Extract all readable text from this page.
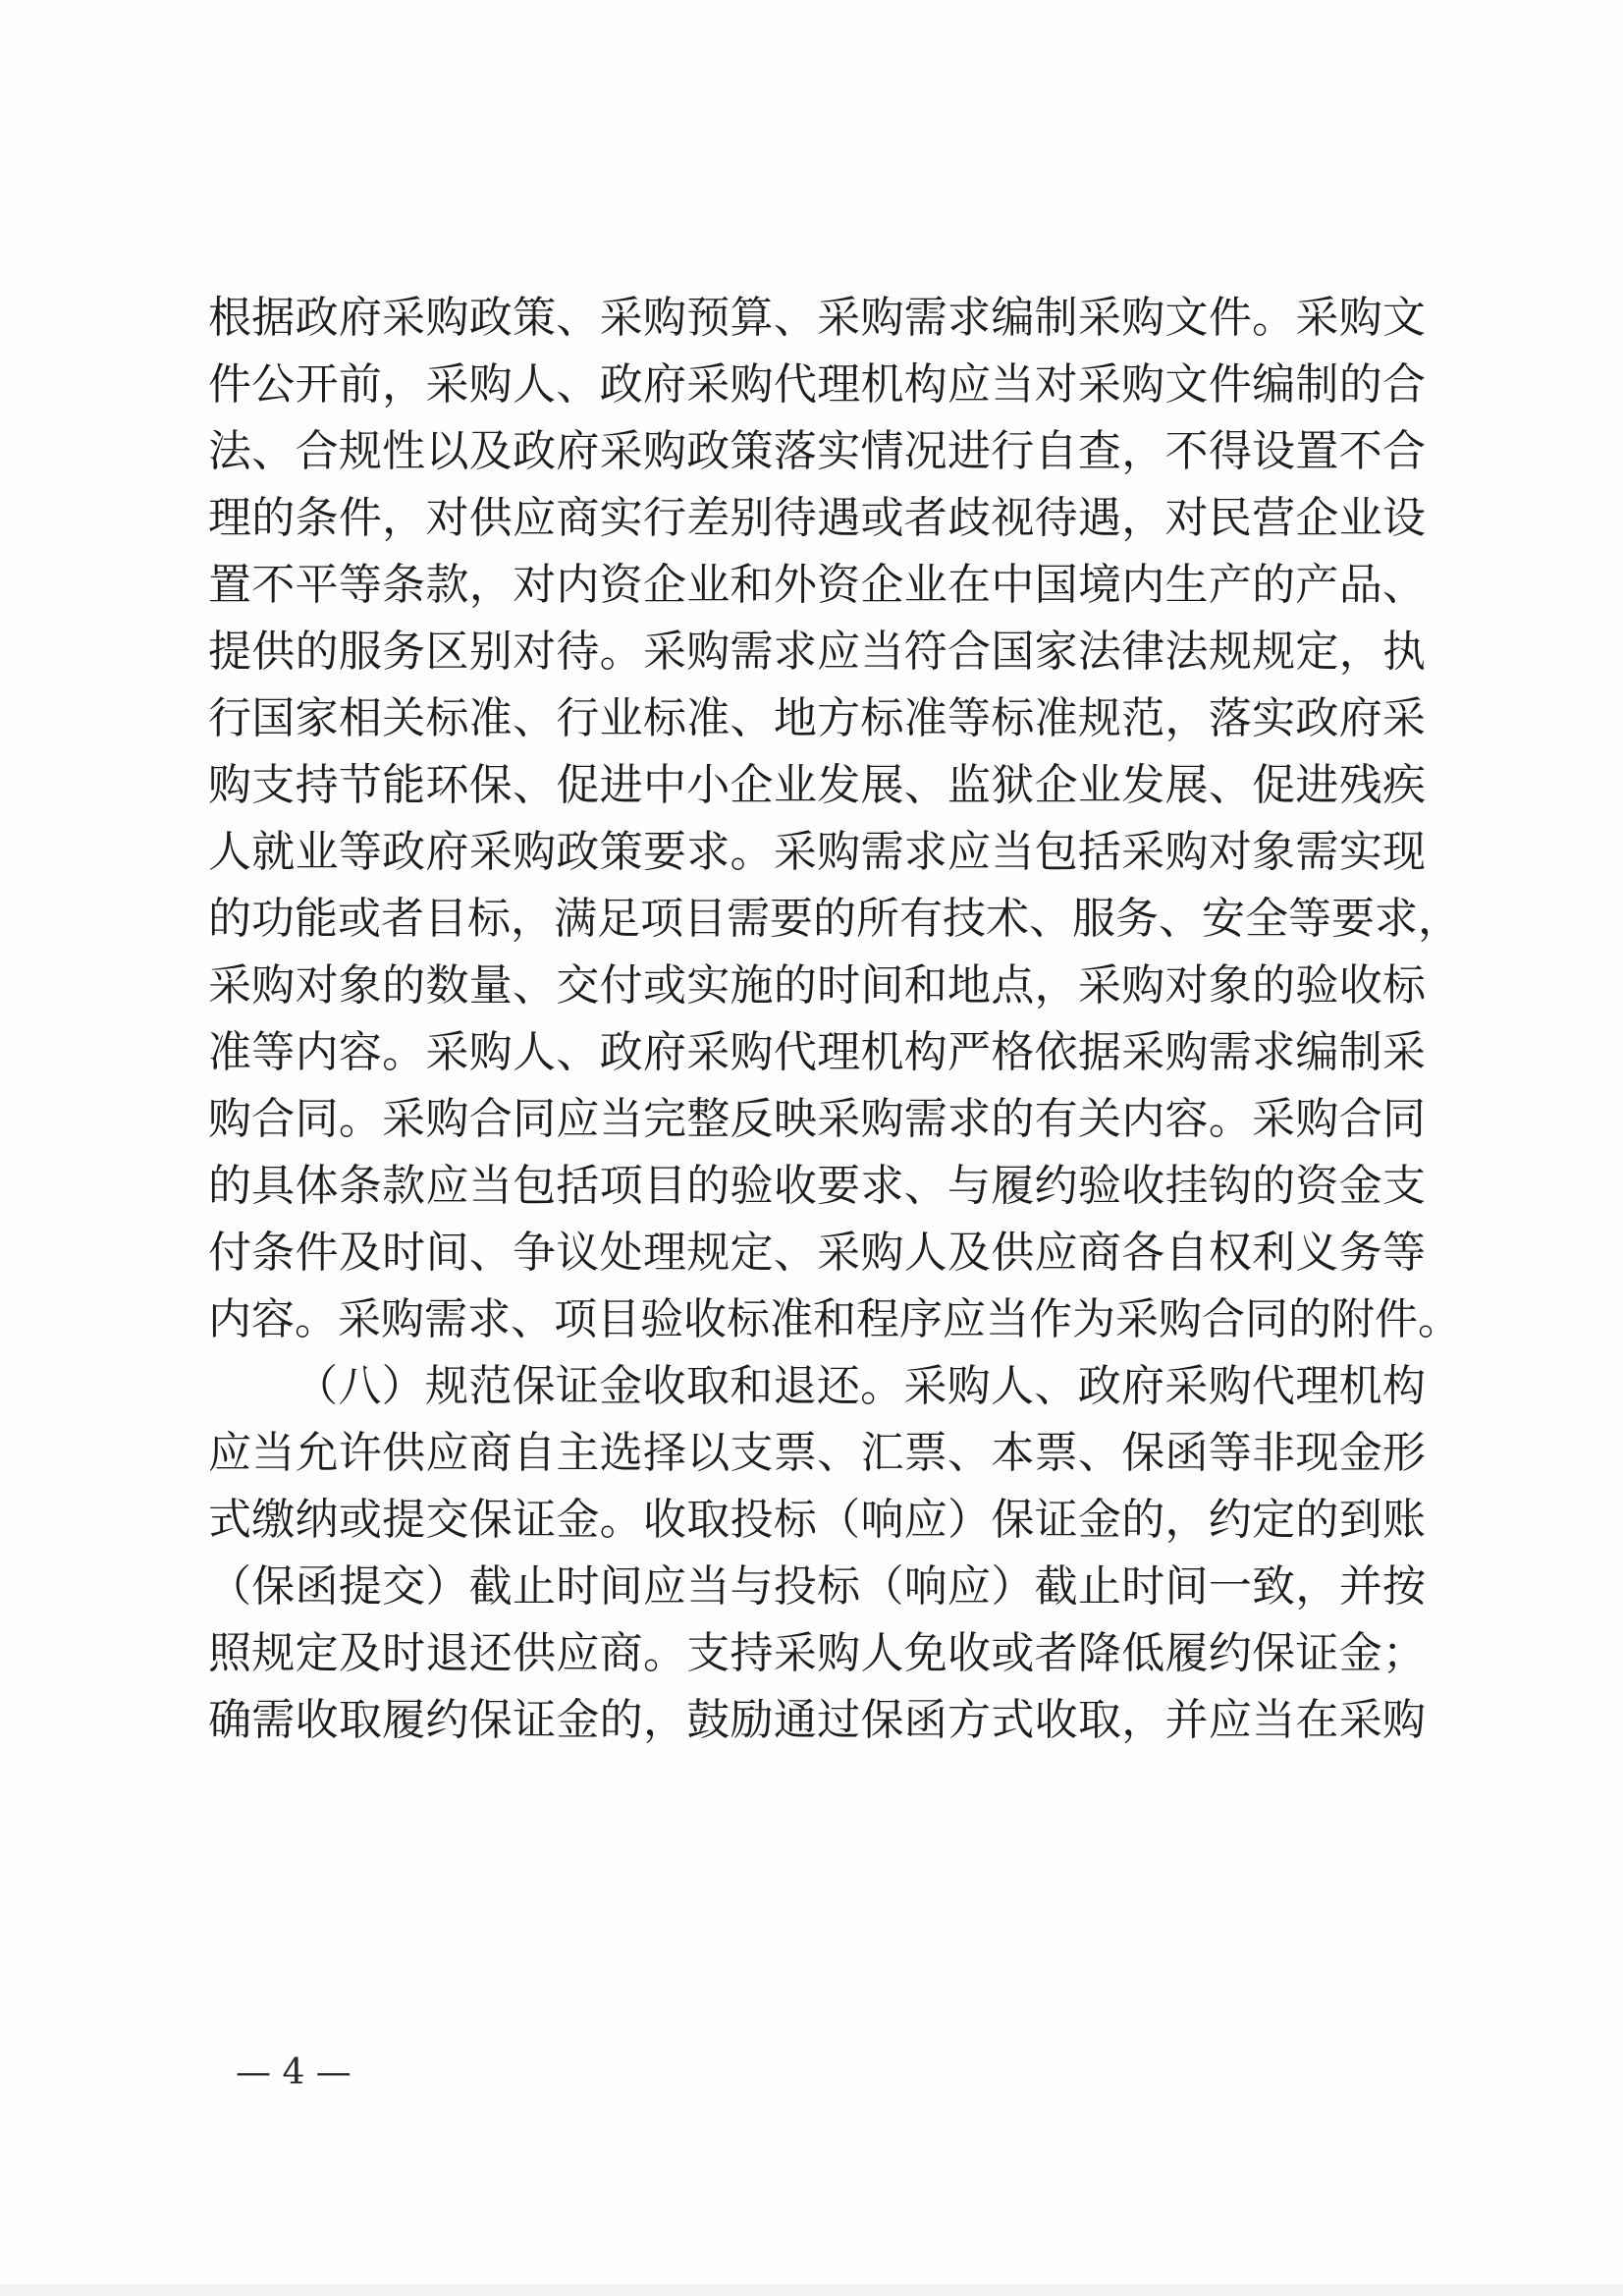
根据政府采购政策、采购预算、采购需求编制采购文件。采购文
件公开前，采购人、政府采购代理机构应当对采购文件编制的合
法、合规性以及政府采购政策落实情况进行自查，不得设置不合
理的条件，对供应商实行差别待遇或者歧视待遇，对民营企业设
置不平等条款，对内资企业和外资企业在中国境内生产的产品、
提供的服务区别对待。采购需求应当符合国家法律法规规定，执
行国家相关标准、行业标准、地方标准等标准规范，落实政府采
购支持节能环保、促进中小企业发展、监狱企业发展、促进残疾
人就业等政府采购政策要求。采购需求应当包括采购对象需实现
的功能或者目标，满足项目需要的所有技术、服务、安全等要求，
采购对象的数量、交付或实施的时间和地点，采购对象的验收标
准等内容。采购人、政府采购代理机构严格依据采购需求编制采
购合同。采购合同应当完整反映采购需求的有关内容。采购合同
的具体条款应当包括项目的验收要求、与履约验收挂钩的资金支
付条件及时间、争议处理规定、采购人及供应商各自权利义务等
内容。采购需求、项目验收标准和程序应当作为采购合同的附件。
（八）规范保证金收取和退还。采购人、政府采购代理机构
应当允许供应商自主选择以支票、汇票、本票、保函等非现金形
式缴纳或提交保证金。收取投标（响应）保证金的，约定的到账
（保函提交）截止时间应当与投标（响应）截止时间一致，并按
照规定及时退还供应商。支持采购人免收或者降低履约保证金；
确需收取履约保证金的，鼓励通过保函方式收取，并应当在采购
— 4 —
